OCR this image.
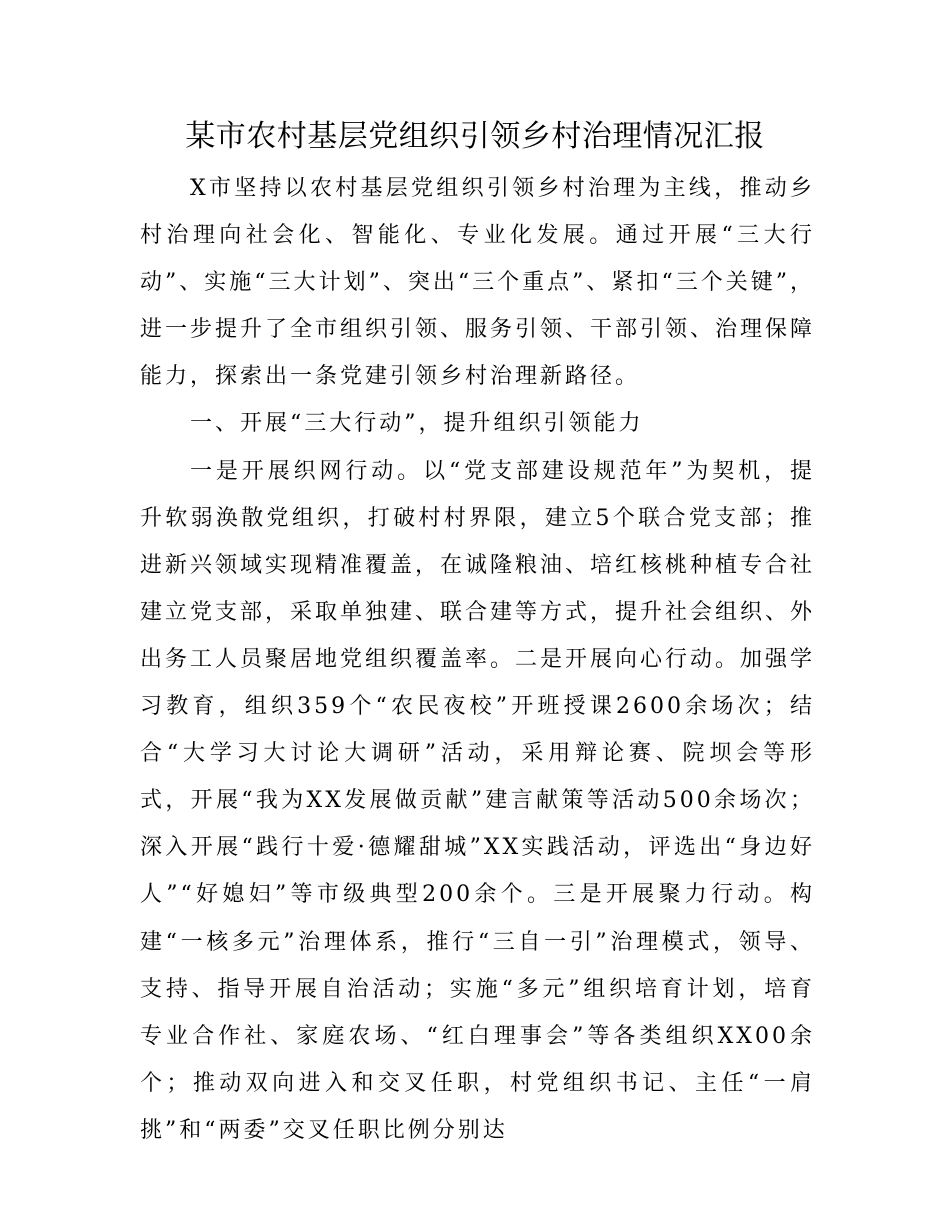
某市农村基层党组织引领乡村治理情况汇报

X市坚持以农村基层党组织引领乡村治理为主线，推动乡村治理向社会化、智能化、专业化发展。通过开展“三大行动”、实施“三大计划”、突出“三个重点”、紧扣“三个关键”，进一步提升了全市组织引领、服务引领、干部引领、治理保障能力，探索出一条党建引领乡村治理新路径。

一、开展“三大行动”，提升组织引领能力

一是开展织网行动。以“党支部建设规范年”为契机，提升软弱涣散党组织，打破村村界限，建立5个联合党支部；推进新兴领域实现精准覆盖，在诚隆粮油、培红核桃种植专合社建立党支部，采取单独建、联合建等方式，提升社会组织、外出务工人员聚居地党组织覆盖率。二是开展向心行动。加强学习教育，组织359个“农民夜校”开班授课2600余场次；结合“大学习大讨论大调研”活动，采用辩论赛、院坝会等形式，开展“我为XX发展做贡献”建言献策等活动500余场次；深入开展“践行十爱·德耀甜城”XX实践活动，评选出“身边好人”“好媳妇”等市级典型200余个。三是开展聚力行动。构建“一核多元”治理体系，推行“三自一引”治理模式，领导、支持、指导开展自治活动；实施“多元”组织培育计划，培育专业合作社、家庭农场、“红白理事会”等各类组织XX00余个；推动双向进入和交叉任职，村党组织书记、主任“一肩挑”和“两委”交叉任职比例分别达
